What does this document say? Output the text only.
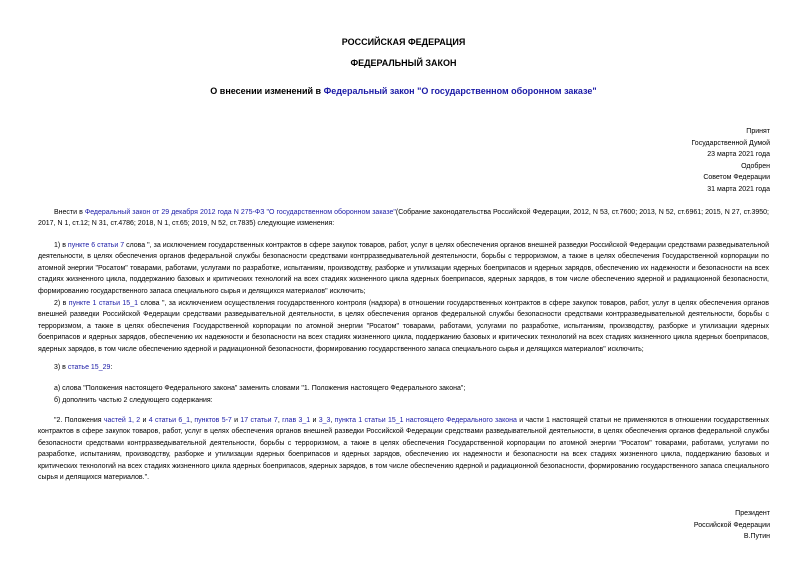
РОССИЙСКАЯ ФЕДЕРАЦИЯ
ФЕДЕРАЛЬНЫЙ ЗАКОН
О внесении изменений в Федеральный закон "О государственном оборонном заказе"
Принят
Государственной Думой
23 марта 2021 года
Одобрен
Советом Федерации
31 марта 2021 года
Внести в Федеральный закон от 29 декабря 2012 года N 275-ФЗ "О государственном оборонном заказе"(Собрание законодательства Российской Федерации, 2012, N 53, ст.7600; 2013, N 52, ст.6961; 2015, N 27, ст.3950; 2017, N 1, ст.12; N 31, ст.4786; 2018, N 1, ст.65; 2019, N 52, ст.7835) следующие изменения:
1) в пункте 6 статьи 7 слова ", за исключением государственных контрактов в сфере закупок товаров, работ, услуг в целях обеспечения органов внешней разведки Российской Федерации средствами разведывательной деятельности, в целях обеспечения органов федеральной службы безопасности средствами контрразведывательной деятельности, борьбы с терроризмом, а также в целях обеспечения Государственной корпорации по атомной энергии "Росатом" товарами, работами, услугами по разработке, испытаниям, производству, разборке и утилизации ядерных боеприпасов и ядерных зарядов, обеспечению их надежности и безопасности на всех стадиях жизненного цикла, поддержанию базовых и критических технологий на всех стадиях жизненного цикла ядерных боеприпасов, ядерных зарядов, в том числе обеспечению ядерной и радиационной безопасности, формированию государственного запаса специального сырья и делящихся материалов" исключить;
2) в пункте 1 статьи 15_1 слова ", за исключением осуществления государственного контроля (надзора) в отношении государственных контрактов в сфере закупок товаров, работ, услуг в целях обеспечения органов внешней разведки Российской Федерации средствами разведывательной деятельности, в целях обеспечения органов федеральной службы безопасности средствами контрразведывательной деятельности, борьбы с терроризмом, а также в целях обеспечения Государственной корпорации по атомной энергии "Росатом" товарами, работами, услугами по разработке, испытаниям, производству, разборке и утилизации ядерных боеприпасов и ядерных зарядов, обеспечению их надежности и безопасности на всех стадиях жизненного цикла, поддержанию базовых и критических технологий на всех стадиях жизненного цикла ядерных боеприпасов, ядерных зарядов, в том числе обеспечению ядерной и радиационной безопасности, формированию государственного запаса специального сырья и делящихся материалов" исключить;
3) в статье 15_29:
а) слова "Положения настоящего Федерального закона" заменить словами "1. Положения настоящего Федерального закона";
б) дополнить частью 2 следующего содержания:
"2. Положения частей 1, 2 и 4 статьи 6_1, пунктов 5-7 и 17 статьи 7, глав 3_1 и 3_3, пункта 1 статьи 15_1 настоящего Федерального закона и части 1 настоящей статьи не применяются в отношении государственных контрактов в сфере закупок товаров, работ, услуг в целях обеспечения органов внешней разведки Российской Федерации средствами разведывательной деятельности, в целях обеспечения органов федеральной службы безопасности средствами контрразведывательной деятельности, борьбы с терроризмом, а также в целях обеспечения Государственной корпорации по атомной энергии "Росатом" товарами, работами, услугами по разработке, испытаниям, производству, разборке и утилизации ядерных боеприпасов и ядерных зарядов, обеспечению их надежности и безопасности на всех стадиях жизненного цикла, поддержанию базовых и критических технологий на всех стадиях жизненного цикла ядерных боеприпасов, ядерных зарядов, в том числе обеспечению ядерной и радиационной безопасности, формированию государственного запаса специального сырья и делящихся материалов.".
Президент
Российской Федерации
В.Путин
